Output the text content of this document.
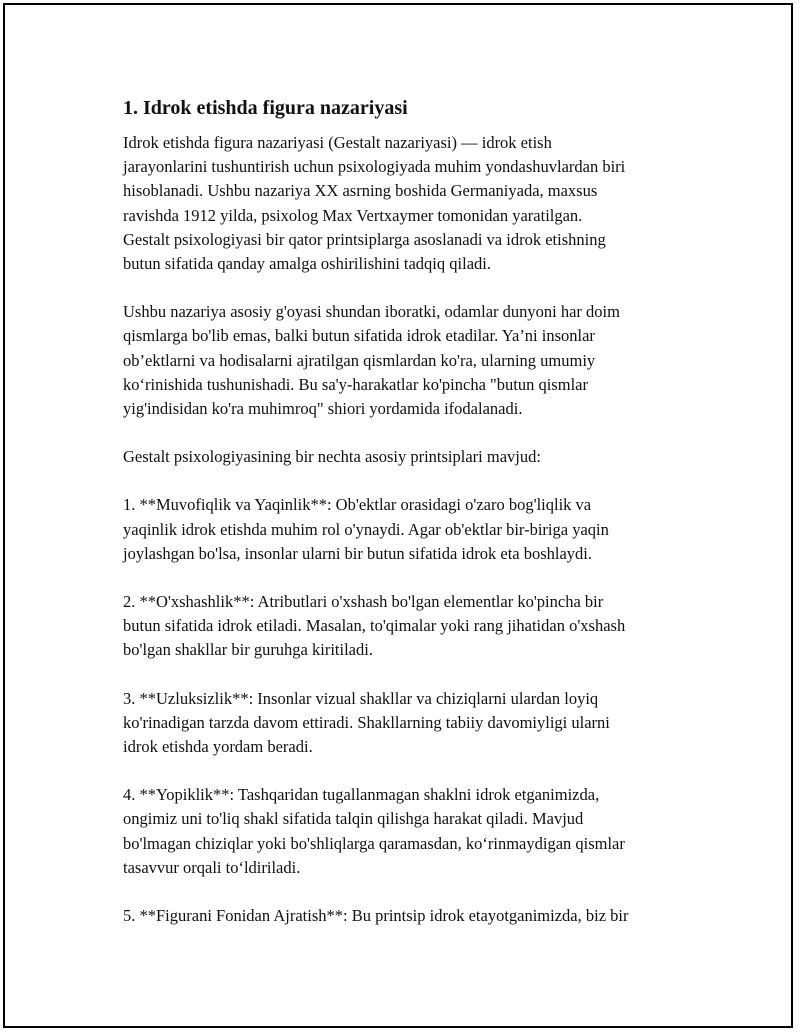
1. Idrok etishda figura nazariyasi

Idrok etishda figura nazariyasi (Gestalt nazariyasi) — idrok etish
jarayonlarini tushuntirish uchun psixologiyada muhim yondashuvlardan biri
hisoblanadi. Ushbu nazariya XX asrning boshida Germaniyada, maxsus
ravishda 1912 yilda, psixolog Max Vertxaymer tomonidan yaratilgan.
Gestalt psixologiyasi bir qator printsiplarga asoslanadi va idrok etishning
butun sifatida qanday amalga oshirilishini tadqiq qiladi.

Ushbu nazariya asosiy g'oyasi shundan iboratki, odamlar dunyoni har doim
qismlarga bo'lib emas, balki butun sifatida idrok etadilar. Ya’ni insonlar
ob’ektlarni va hodisalarni ajratilgan qismlardan ko'ra, ularning umumiy
ko‘rinishida tushunishadi. Bu sa'y-harakatlar ko'pincha "butun qismlar
yig'indisidan ko'ra muhimroq" shiori yordamida ifodalanadi.

Gestalt psixologiyasining bir nechta asosiy printsiplari mavjud:

1. **Muvofiqlik va Yaqinlik**: Ob'ektlar orasidagi o'zaro bog'liqlik va
yaqinlik idrok etishda muhim rol o'ynaydi. Agar ob'ektlar bir-biriga yaqin
joylashgan bo'lsa, insonlar ularni bir butun sifatida idrok eta boshlaydi.

2. **O'xshashlik**: Atributlari o'xshash bo'lgan elementlar ko'pincha bir
butun sifatida idrok etiladi. Masalan, to'qimalar yoki rang jihatidan o'xshash
bo'lgan shakllar bir guruhga kiritiladi.

3. **Uzluksizlik**: Insonlar vizual shakllar va chiziqlarni ulardan loyiq
ko'rinadigan tarzda davom ettiradi. Shakllarning tabiiy davomiyligi ularni
idrok etishda yordam beradi.

4. **Yopiklik**: Tashqaridan tugallanmagan shaklni idrok etganimizda,
ongimiz uni to'liq shakl sifatida talqin qilishga harakat qiladi. Mavjud
bo'lmagan chiziqlar yoki bo'shliqlarga qaramasdan, ko‘rinmaydigan qismlar
tasavvur orqali to‘ldiriladi.

5. **Figurani Fonidan Ajratish**: Bu printsip idrok etayotganimizda, biz bir
